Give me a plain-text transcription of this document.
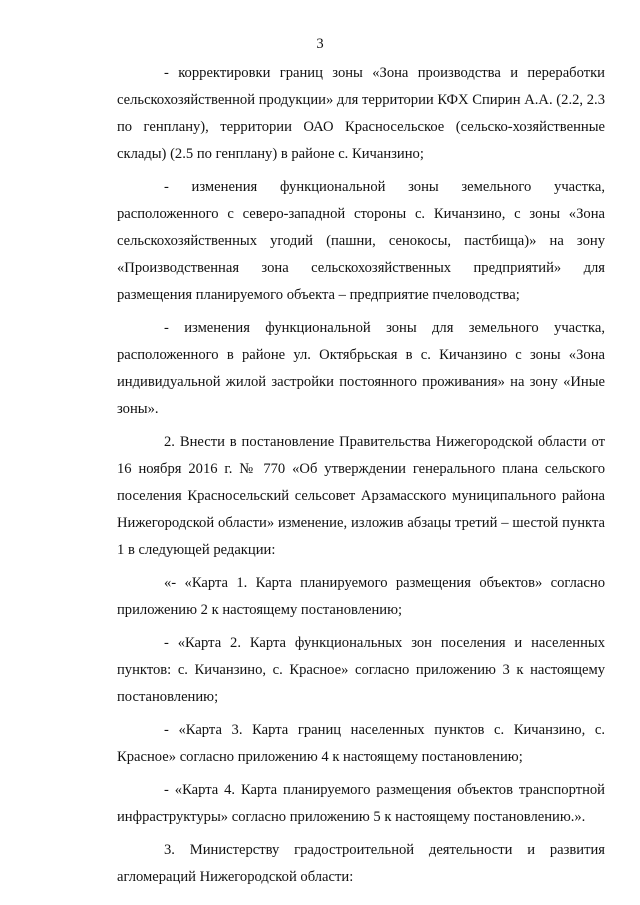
3

- корректировки границ зоны «Зона производства и переработки сельскохозяйственной продукции» для территории КФХ Спирин А.А. (2.2, 2.3 по генплану), территории ОАО Красносельское (сельско-хозяйственные склады) (2.5 по генплану) в районе с. Кичанзино;

- изменения функциональной зоны земельного участка, расположенного с северо-западной стороны с. Кичанзино, с зоны «Зона сельскохозяйственных угодий (пашни, сенокосы, пастбища)» на зону «Производственная зона сельскохозяйственных предприятий» для размещения планируемого объекта – предприятие пчеловодства;

- изменения функциональной зоны для земельного участка, расположенного в районе ул. Октябрьская в с. Кичанзино с зоны «Зона индивидуальной жилой застройки постоянного проживания» на зону «Иные зоны».

2. Внести в постановление Правительства Нижегородской области от 16 ноября 2016 г. № 770 «Об утверждении генерального плана сельского поселения Красносельский сельсовет Арзамасского муниципального района Нижегородской области» изменение, изложив абзацы третий – шестой пункта 1 в следующей редакции:

«- «Карта 1. Карта планируемого размещения объектов» согласно приложению 2 к настоящему постановлению;

- «Карта 2. Карта функциональных зон поселения и населенных пунктов: с. Кичанзино, с. Красное» согласно приложению 3 к настоящему постановлению;

- «Карта 3. Карта границ населенных пунктов с. Кичанзино, с. Красное» согласно приложению 4 к настоящему постановлению;

- «Карта 4. Карта планируемого размещения объектов транспортной инфраструктуры» согласно приложению 5 к настоящему постановлению.».

3. Министерству градостроительной деятельности и развития агломераций Нижегородской области:
